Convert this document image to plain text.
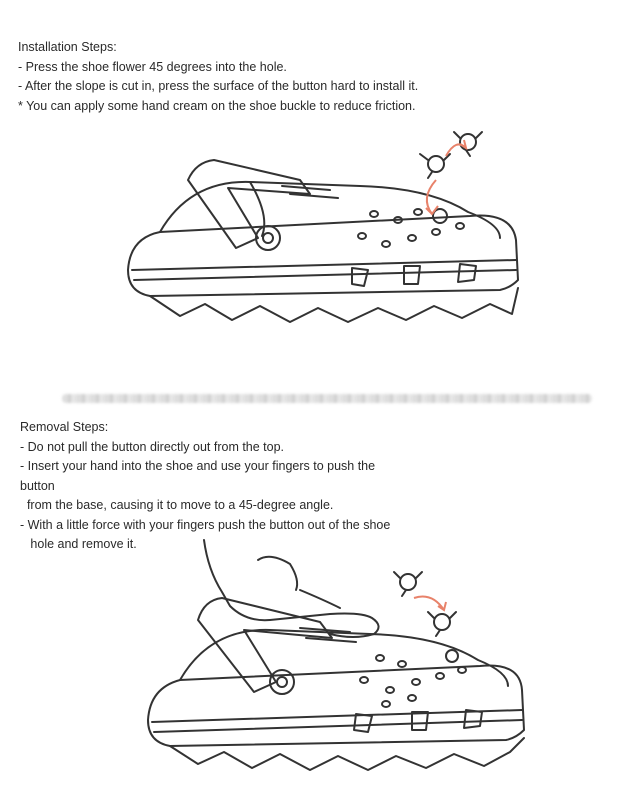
Installation Steps:
- Press the shoe flower 45 degrees into the hole.
- After the slope is cut in, press the surface of the button hard to install it.
* You can apply some hand cream on the shoe buckle to reduce friction.
Removal Steps:
- Do not pull the button directly out from the top.
- Insert your hand into the shoe and use your fingers to push the
button
from the base, causing it to move to a 45-degree angle.
- With a little force with your fingers push the button out of the shoe
hole and remove it.
